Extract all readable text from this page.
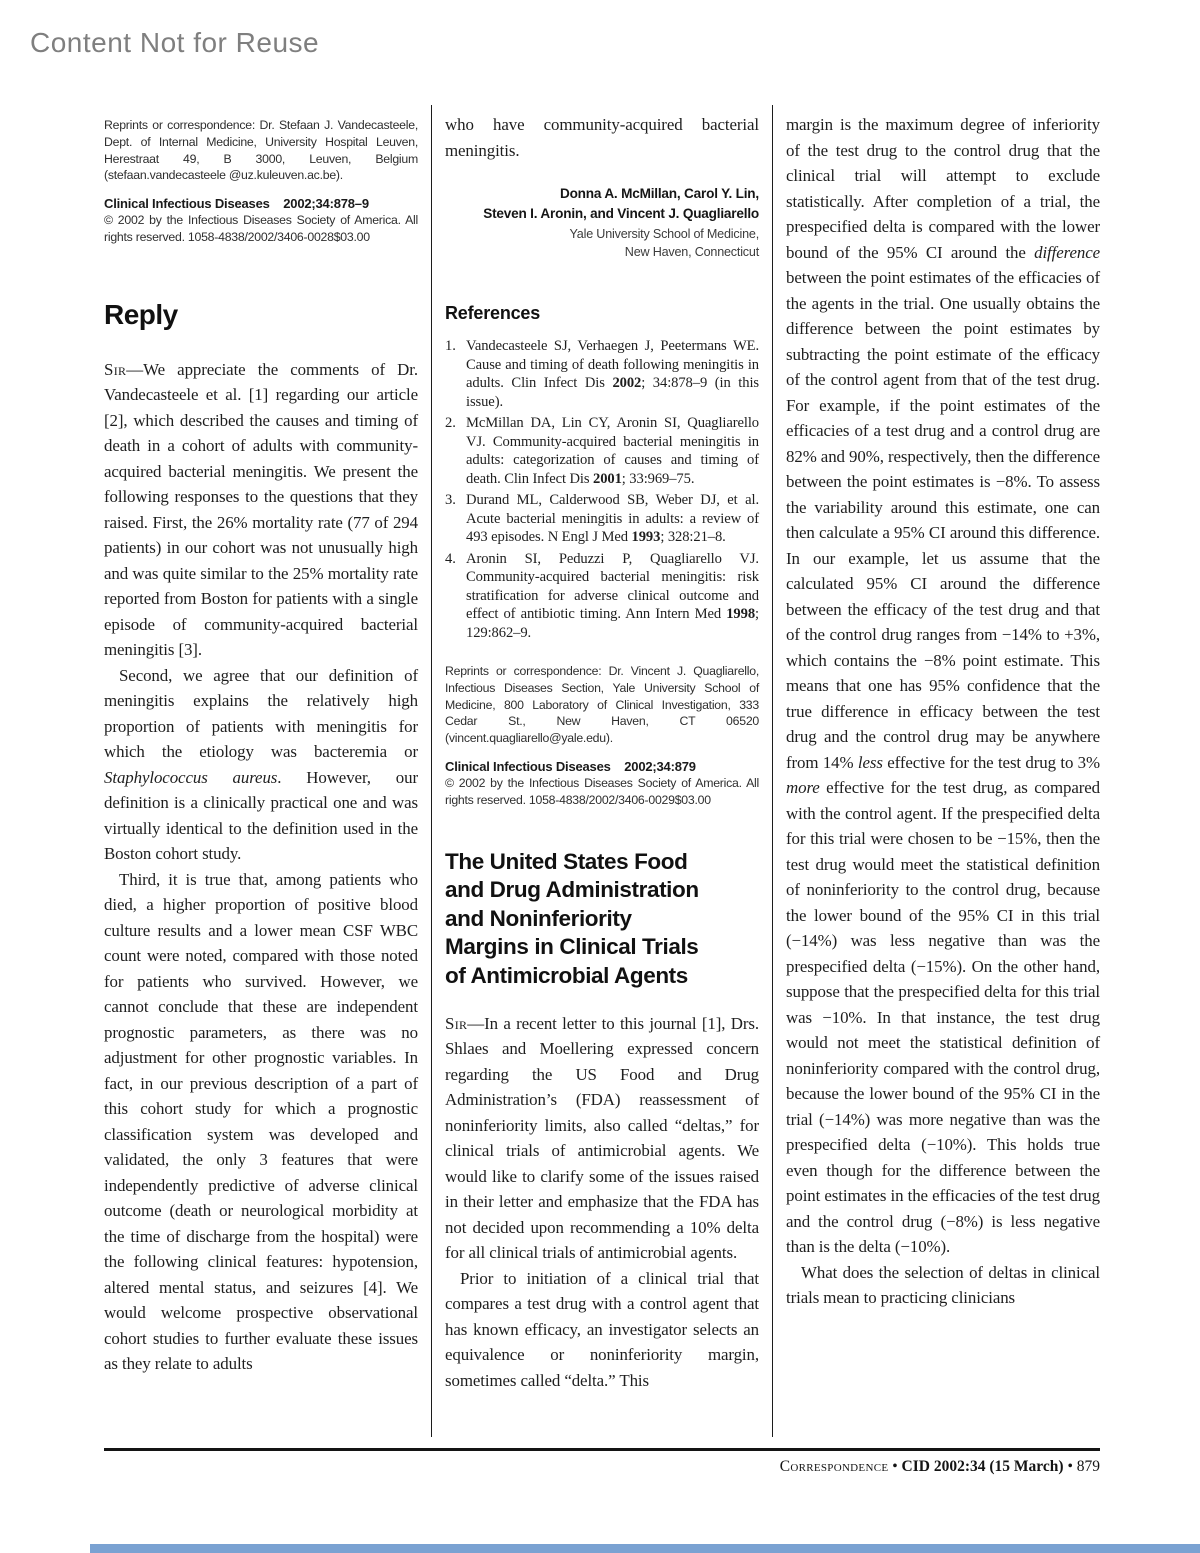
Content Not for Reuse

Reprints or correspondence: Dr. Stefaan J. Vandecasteele, Dept. of Internal Medicine, University Hospital Leuven, Herestraat 49, B 3000, Leuven, Belgium (stefaan.vandecasteele @uz.kuleuven.ac.be).

Clinical Infectious Diseases    2002;34:878–9

© 2002 by the Infectious Diseases Society of America. All rights reserved. 1058-4838/2002/3406-0028$03.00

Reply

Sir—We appreciate the comments of Dr. Vandecasteele et al. [1] regarding our article [2], which described the causes and timing of death in a cohort of adults with community-acquired bacterial meningitis. We present the following responses to the questions that they raised. First, the 26% mortality rate (77 of 294 patients) in our cohort was not unusually high and was quite similar to the 25% mortality rate reported from Boston for patients with a single episode of community-acquired bacterial meningitis [3].

Second, we agree that our definition of meningitis explains the relatively high proportion of patients with meningitis for which the etiology was bacteremia or Staphylococcus aureus. However, our definition is a clinically practical one and was virtually identical to the definition used in the Boston cohort study.

Third, it is true that, among patients who died, a higher proportion of positive blood culture results and a lower mean CSF WBC count were noted, compared with those noted for patients who survived. However, we cannot conclude that these are independent prognostic parameters, as there was no adjustment for other prognostic variables. In fact, in our previous description of a part of this cohort study for which a prognostic classification system was developed and validated, the only 3 features that were independently predictive of adverse clinical outcome (death or neurological morbidity at the time of discharge from the hospital) were the following clinical features: hypotension, altered mental status, and seizures [4]. We would welcome prospective observational cohort studies to further evaluate these issues as they relate to adults

who have community-acquired bacterial meningitis.

Donna A. McMillan, Carol Y. Lin,
Steven I. Aronin, and Vincent J. Quagliarello
Yale University School of Medicine,
New Haven, Connecticut
References
1. Vandecasteele SJ, Verhaegen J, Peetermans WE. Cause and timing of death following meningitis in adults. Clin Infect Dis 2002; 34:878–9 (in this issue).
2. McMillan DA, Lin CY, Aronin SI, Quagliarello VJ. Community-acquired bacterial meningitis in adults: categorization of causes and timing of death. Clin Infect Dis 2001; 33:969–75.
3. Durand ML, Calderwood SB, Weber DJ, et al. Acute bacterial meningitis in adults: a review of 493 episodes. N Engl J Med 1993; 328:21–8.
4. Aronin SI, Peduzzi P, Quagliarello VJ. Community-acquired bacterial meningitis: risk stratification for adverse clinical outcome and effect of antibiotic timing. Ann Intern Med 1998; 129:862–9.

Reprints or correspondence: Dr. Vincent J. Quagliarello, Infectious Diseases Section, Yale University School of Medicine, 800 Laboratory of Clinical Investigation, 333 Cedar St., New Haven, CT 06520 (vincent.quagliarello@yale.edu).

Clinical Infectious Diseases    2002;34:879

© 2002 by the Infectious Diseases Society of America. All rights reserved. 1058-4838/2002/3406-0029$03.00

The United States Food
and Drug Administration
and Noninferiority
Margins in Clinical Trials
of Antimicrobial Agents

Sir—In a recent letter to this journal [1], Drs. Shlaes and Moellering expressed concern regarding the US Food and Drug Administration’s (FDA) reassessment of noninferiority limits, also called “deltas,” for clinical trials of antimicrobial agents. We would like to clarify some of the issues raised in their letter and emphasize that the FDA has not decided upon recommending a 10% delta for all clinical trials of antimicrobial agents.

Prior to initiation of a clinical trial that compares a test drug with a control agent that has known efficacy, an investigator selects an equivalence or noninferiority margin, sometimes called “delta.” This

margin is the maximum degree of inferiority of the test drug to the control drug that the clinical trial will attempt to exclude statistically. After completion of a trial, the prespecified delta is compared with the lower bound of the 95% CI around the difference between the point estimates of the efficacies of the agents in the trial. One usually obtains the difference between the point estimates by subtracting the point estimate of the efficacy of the control agent from that of the test drug. For example, if the point estimates of the efficacies of a test drug and a control drug are 82% and 90%, respectively, then the difference between the point estimates is −8%. To assess the variability around this estimate, one can then calculate a 95% CI around this difference. In our example, let us assume that the calculated 95% CI around the difference between the efficacy of the test drug and that of the control drug ranges from −14% to +3%, which contains the −8% point estimate. This means that one has 95% confidence that the true difference in efficacy between the test drug and the control drug may be anywhere from 14% less effective for the test drug to 3% more effective for the test drug, as compared with the control agent. If the prespecified delta for this trial were chosen to be −15%, then the test drug would meet the statistical definition of noninferiority to the control drug, because the lower bound of the 95% CI in this trial (−14%) was less negative than was the prespecified delta (−15%). On the other hand, suppose that the prespecified delta for this trial was −10%. In that instance, the test drug would not meet the statistical definition of noninferiority compared with the control drug, because the lower bound of the 95% CI in the trial (−14%) was more negative than was the prespecified delta (−10%). This holds true even though for the difference between the point estimates in the efficacies of the test drug and the control drug (−8%) is less negative than is the delta (−10%).

What does the selection of deltas in clinical trials mean to practicing clinicians

Correspondence • CID 2002:34 (15 March) • 879
